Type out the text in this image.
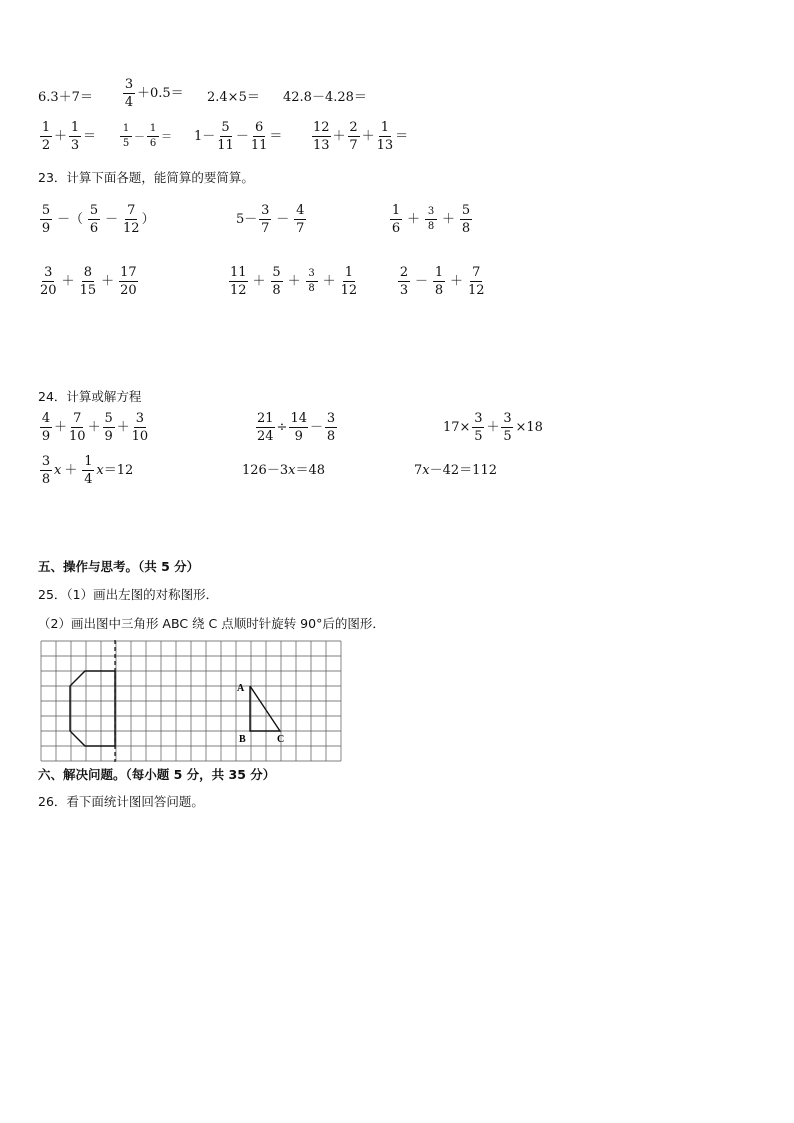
$6.3+7= \frac{3}{4} +0.5= 2.4\times 5= 42.8-4.28=$
$\frac{1}{2} + \frac{1}{3} = \frac{1}{5} - \frac{1}{6} = 1- \frac{5}{11} - \frac{6}{11} = \frac{12}{13} + \frac{2}{7} + \frac{1}{13}$ ＝
23．计算下面各题，能简算的要简算。
$\frac{5}{9}$ －（ $\frac{5}{6} - \frac{7}{12}$ ）	$5- \frac{3}{7} - \frac{4}{7}$	$\frac{1}{6} + \frac{3}{8} + \frac{5}{8}$
$\frac{3}{20} + \frac{8}{15} + \frac{17}{20}$	$\frac{11}{12} + \frac{5}{8} + \frac{3}{8} + \frac{1}{12}$	$\frac{2}{3} - \frac{1}{8} + \frac{7}{12}$
24．计算或解方程
$\frac{4}{9} + \frac{7}{10} + \frac{5}{9} + \frac{3}{10}$	$\frac{21}{24} \div \frac{14}{9} - \frac{3}{8}$	$17\times \frac{3}{5} + \frac{3}{5} \times 18$
$\frac{3}{8}$ $x + \frac{1}{4}$ x ＝12	126－3 x ＝48	7 x －42＝112
五、操作与思考。（共 5 分）
25．（1）画出左图的对称图形．
（2）画出图中三角形 ABC 绕 C 点顺时针旋转 90°后的图形．
A
B	C
六、解决问题。（每小题 5 分，共 35 分）
26．看下面统计图回答问题。
